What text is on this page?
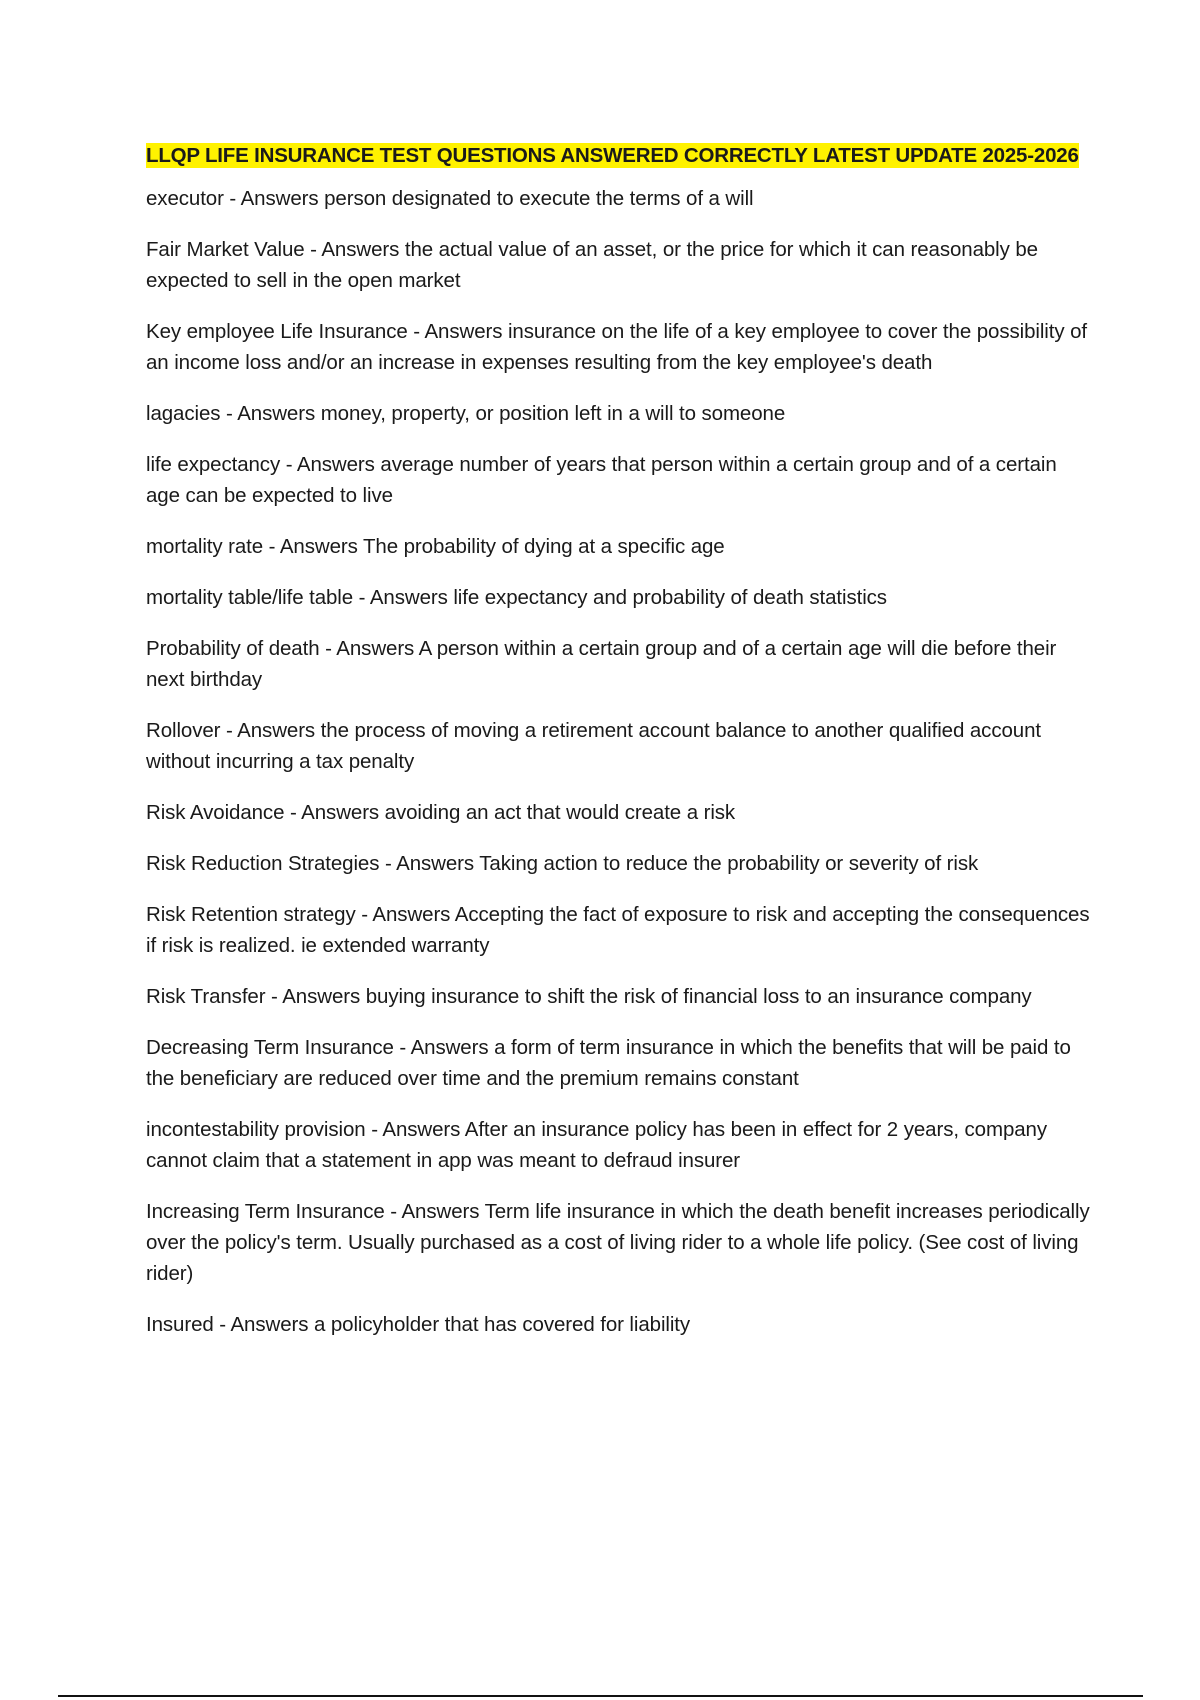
LLQP LIFE INSURANCE TEST QUESTIONS ANSWERED CORRECTLY LATEST UPDATE 2025-2026

executor - Answers person designated to execute the terms of a will

Fair Market Value - Answers the actual value of an asset, or the price for which it can reasonably be expected to sell in the open market

Key employee Life Insurance - Answers insurance on the life of a key employee to cover the possibility of an income loss and/or an increase in expenses resulting from the key employee's death

lagacies - Answers money, property, or position left in a will to someone

life expectancy - Answers average number of years that person within a certain group and of a certain age can be expected to live

mortality rate - Answers The probability of dying at a specific age

mortality table/life table - Answers life expectancy and probability of death statistics

Probability of death - Answers A person within a certain group and of a certain age will die before their next birthday

Rollover - Answers the process of moving a retirement account balance to another qualified account without incurring a tax penalty

Risk Avoidance - Answers avoiding an act that would create a risk

Risk Reduction Strategies - Answers Taking action to reduce the probability or severity of risk

Risk Retention strategy - Answers Accepting the fact of exposure to risk and accepting the consequences if risk is realized. ie extended warranty

Risk Transfer - Answers buying insurance to shift the risk of financial loss to an insurance company

Decreasing Term Insurance - Answers a form of term insurance in which the benefits that will be paid to the beneficiary are reduced over time and the premium remains constant

incontestability provision - Answers After an insurance policy has been in effect for 2 years, company cannot claim that a statement in app was meant to defraud insurer

Increasing Term Insurance - Answers Term life insurance in which the death benefit increases periodically over the policy's term. Usually purchased as a cost of living rider to a whole life policy. (See cost of living rider)

Insured - Answers a policyholder that has covered for liability
